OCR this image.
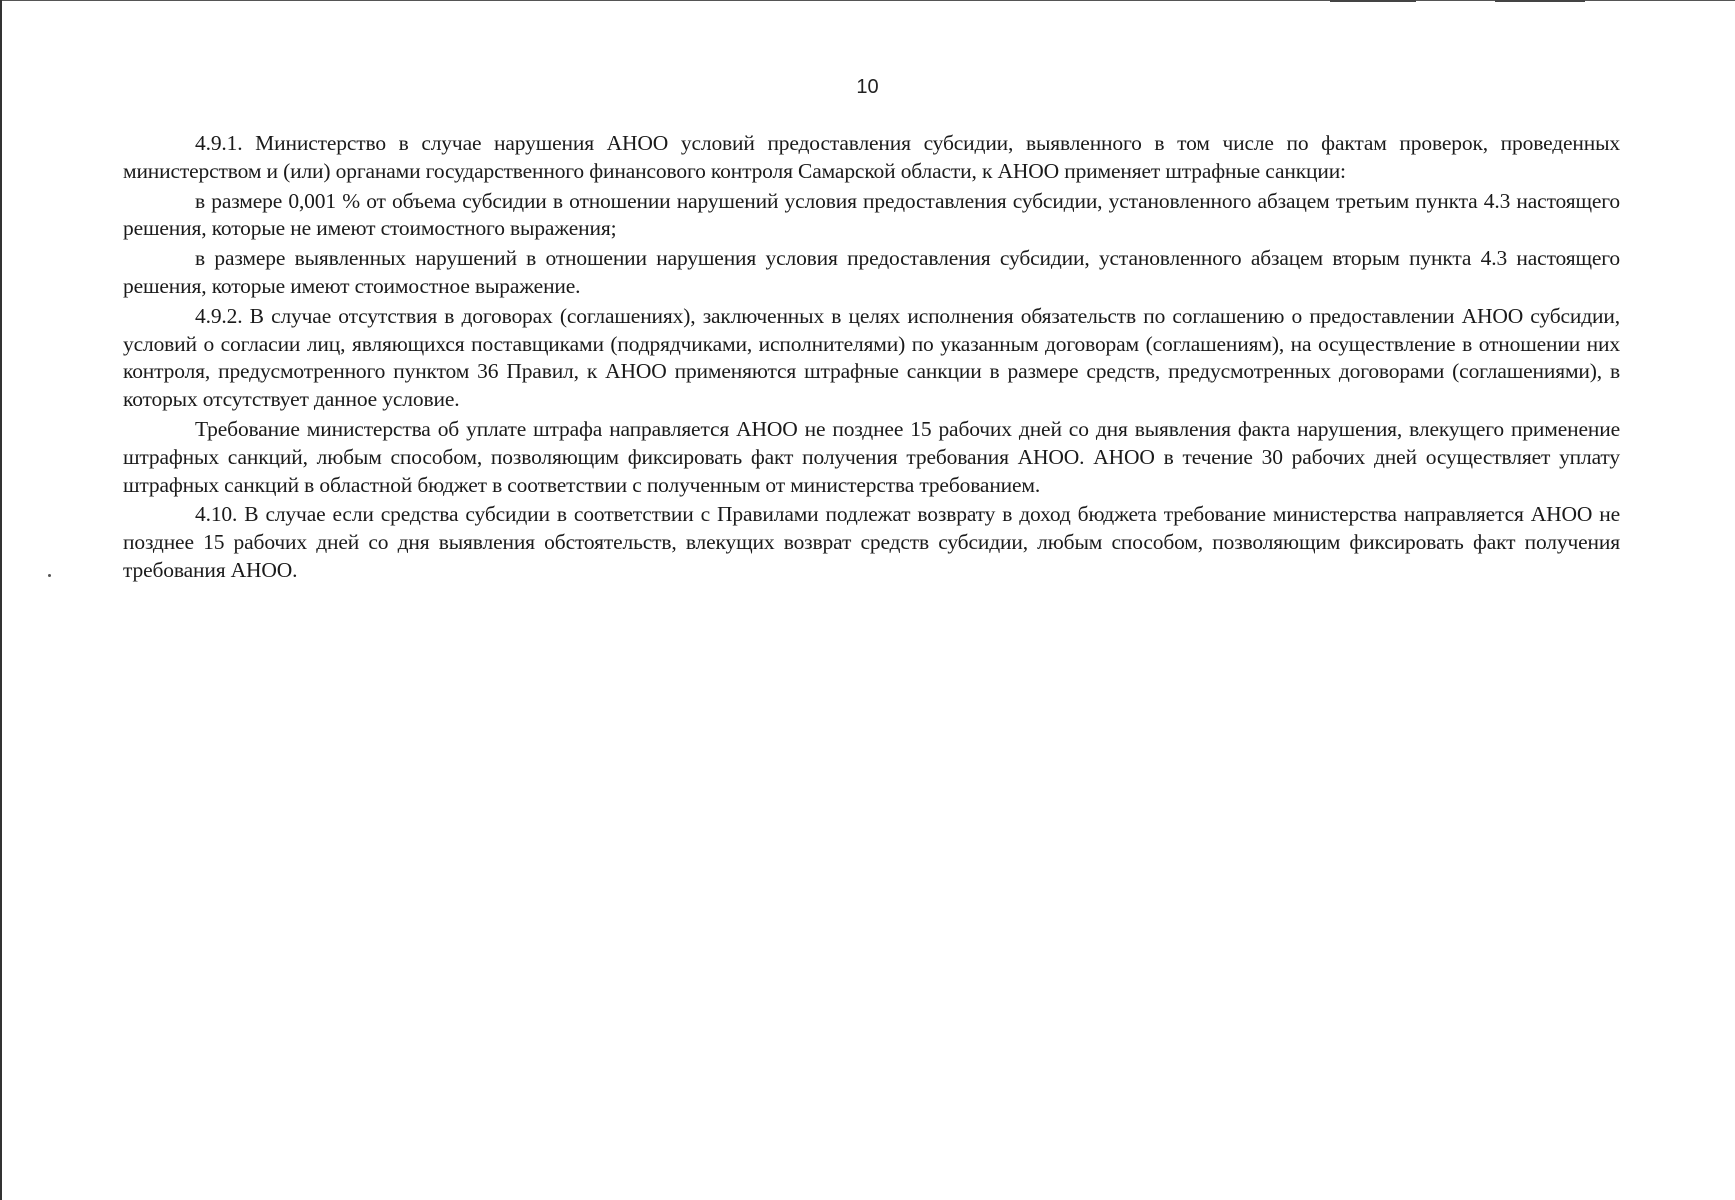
10

4.9.1. Министерство в случае нарушения АНОО условий предоставления субсидии, выявленного в том числе по фактам проверок, проведенных министерством и (или) органами государственного финансового контроля Самарской области, к АНОО применяет штрафные санкции:

в размере 0,001 % от объема субсидии в отношении нарушений условия предоставления субсидии, установленного абзацем третьим пункта 4.3 настоящего решения, которые не имеют стоимостного выражения;

в размере выявленных нарушений в отношении нарушения условия предоставления субсидии, установленного абзацем вторым пункта 4.3 настоящего решения, которые имеют стоимостное выражение.

4.9.2. В случае отсутствия в договорах (соглашениях), заключенных в целях исполнения обязательств по соглашению о предоставлении АНОО субсидии, условий о согласии лиц, являющихся поставщиками (подрядчиками, исполнителями) по указанным договорам (соглашениям), на осуществление в отношении них контроля, предусмотренного пунктом 36 Правил, к АНОО применяются штрафные санкции в размере средств, предусмотренных договорами (соглашениями), в которых отсутствует данное условие.

Требование министерства об уплате штрафа направляется АНОО не позднее 15 рабочих дней со дня выявления факта нарушения, влекущего применение штрафных санкций, любым способом, позволяющим фиксировать факт получения требования АНОО. АНОО в течение 30 рабочих дней осуществляет уплату штрафных санкций в областной бюджет в соответствии с полученным от министерства требованием.

4.10. В случае если средства субсидии в соответствии с Правилами подлежат возврату в доход бюджета требование министерства направляется АНОО не позднее 15 рабочих дней со дня выявления обстоятельств, влекущих возврат средств субсидии, любым способом, позволяющим фиксировать факт получения требования АНОО.
